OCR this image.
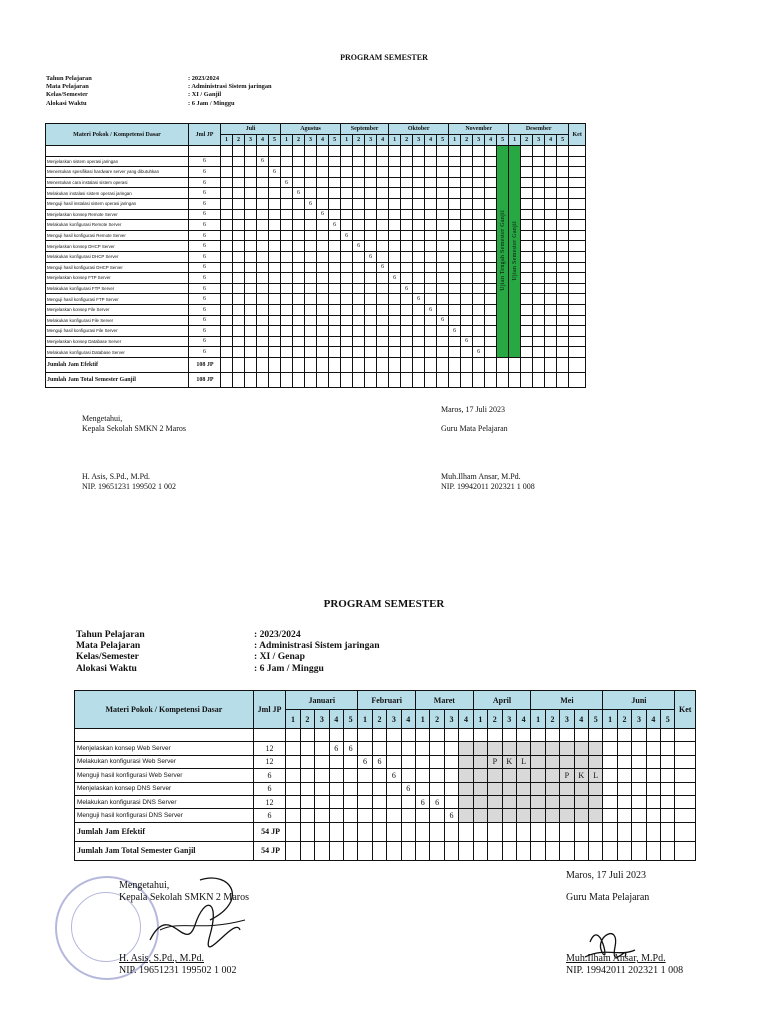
PROGRAM SEMESTER
Tahun Pelajaran	: 2023/2024
Mata Pelajaran	: Administrasi Sistem jaringan
Kelas/Semester	: XI / Ganjil
Alokasi Waktu	: 6 Jam / Minggu
Materi Pokok / Kompetensi Dasar	Jml JP	Juli					Agustus					September				Oktober					November					Desember					Ket
		1	2	3	4	5	1	2	3	4	5	1	2	3	4	1	2	3	4	5	1	2	3	4	5	1	2	3	4	5	
																									Ujian Tengah Semester Ganjil	Ujian Semester Ganjil					
Menjelaskan sistem operasi jaringan	6				6																										
Menentukan spesifikasi hardware server yang dibutuhkan	6					6																									
Menentukan cara instalasi sistem operasi	6						6																								
Melakukan instalasi sistem operasi jaringan	6							6																							
Menguji hasil instalasi sistem operasi jaringan	6								6																						
Menjelaskan konsep Remote Server	6									6																					
Melakukan konfigurasi Remote Server	6										6																				
Menguji hasil konfigurasi Remote Server	6											6																			
Menjelaskan konsep DHCP Server	6												6																		
Melakukan konfigurasi DHCP Server	6													6																	
Menguji hasil konfigurasi DHCP Server	6														6																
Menjelaskan konsep FTP Server	6															6															
Melakukan konfigurasi FTP Server	6																6														
Menguji hasil konfigurasi FTP Server	6																	6													
Menjelaskan konsep File Server	6																		6												
Melakukan konfigurasi File Server	6																			6											
Menguji hasil konfigurasi File Server	6																				6										
Menjelaskan konsep Database Server	6																					6									
Melakukan konfigurasi Database Server	6																						6								
Jumlah Jam Efektif	108 JP																														
Jumlah Jam Total Semester Ganjil	108 JP																														
Maros, 17 Juli 2023
Mengetahui,
Kepala Sekolah SMKN 2 Maros	Guru Mata Pelajaran
H. Asis, S.Pd., M.Pd.
NIP. 19651231 199502 1 002
Muh.Ilham Ansar, M.Pd.
NIP. 19942011 202321 1 008
PROGRAM SEMESTER
Tahun Pelajaran	: 2023/2024
Mata Pelajaran	: Administrasi Sistem jaringan
Kelas/Semester	: XI / Genap
Alokasi Waktu	: 6 Jam / Minggu
Materi Pokok / Kompetensi Dasar	Jml JP	Januari					Februari				Maret				April				Mei					Juni					Ket
		1	2	3	4	5	1	2	3	4	1	2	3	4	1	2	3	4	1	2	3	4	5	1	2	3	4	5	

Menjelaskan konsep Web Server	12				6	6																							
Melakukan konfigurasi Web Server	12						6	6								P	K	L											
Menguji hasil konfigurasi Web Server	6								6												P	K	L						
Menjelaskan konsep DNS Server	6									6																			
Melakukan konfigurasi DNS Server	12										6	6																	
Menguji hasil konfigurasi DNS Server	6												6																
Jumlah Jam Efektif	54 JP																												
Jumlah Jam Total Semester Ganjil	54 JP																												
Maros, 17 Juli 2023
Mengetahui,
Kepala Sekolah SMKN 2 Maros	Guru Mata Pelajaran
H. Asis, S.Pd., M.Pd.
NIP. 19651231 199502 1 002
Muh.Ilham Ansar, M.Pd.
NIP. 19942011 202321 1 008
